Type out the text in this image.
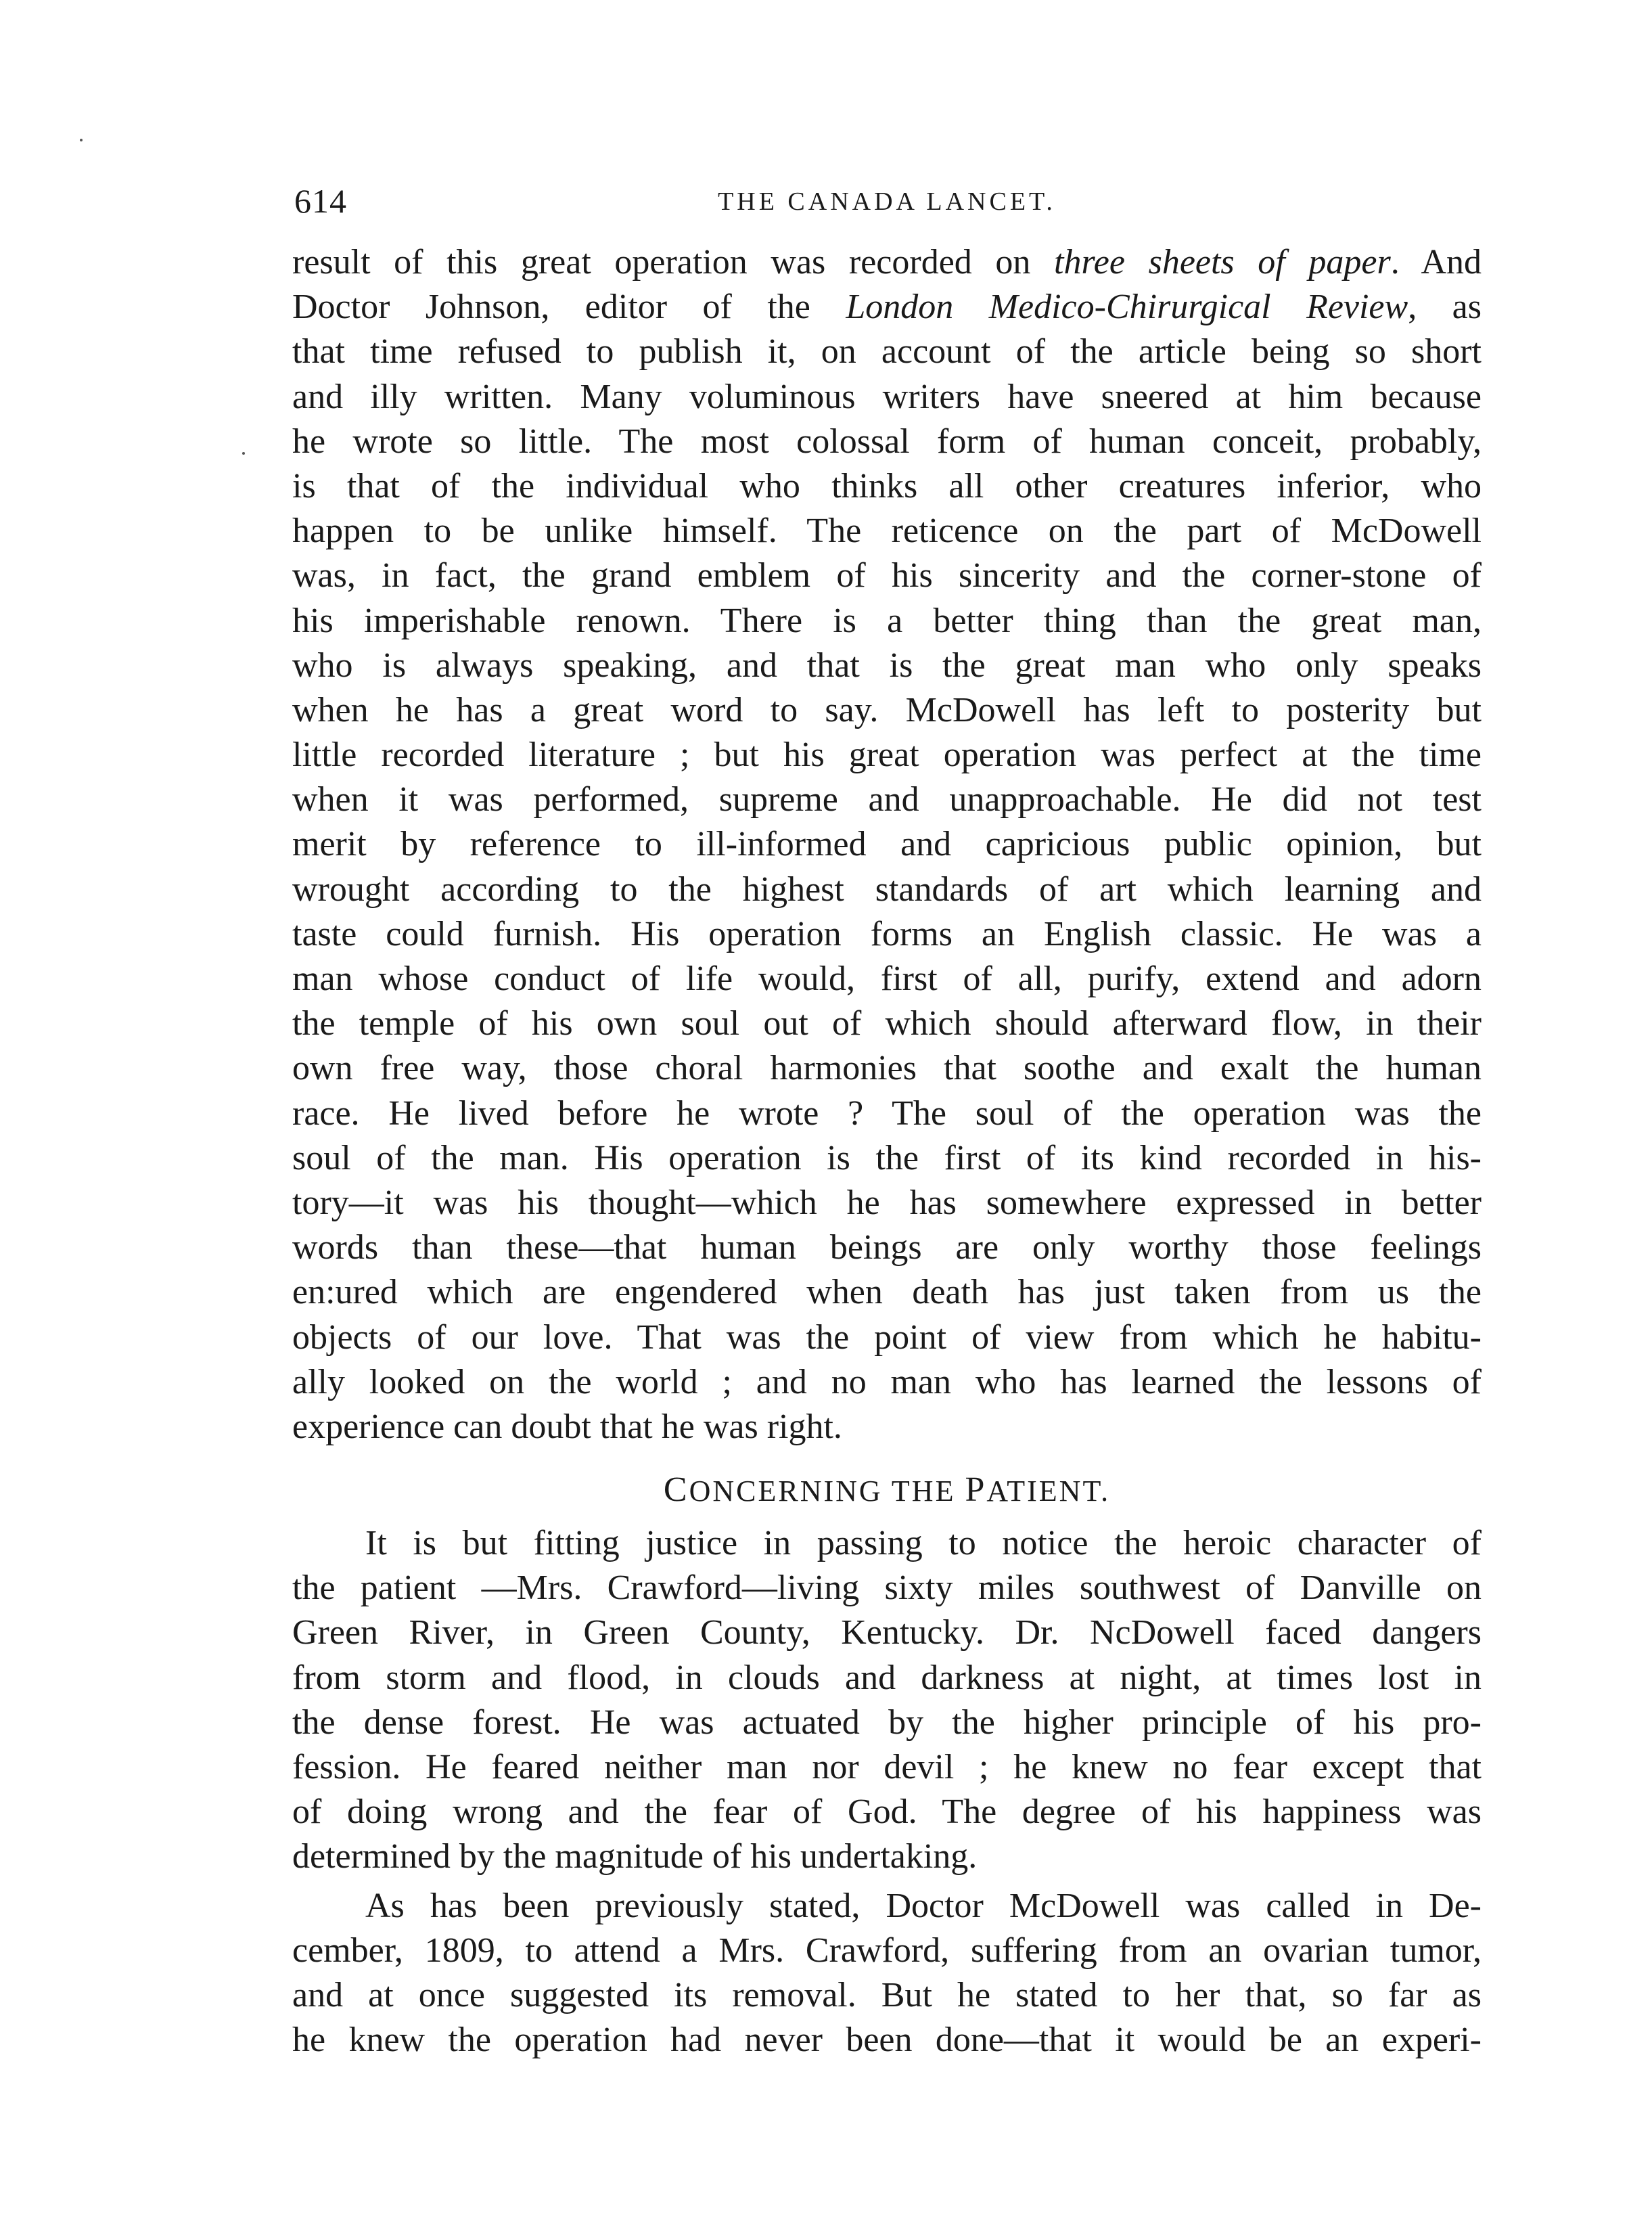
614	THE CANADA LANCET.
result of this great operation was recorded on three sheets of paper. And
Doctor Johnson, editor of the London Medico-Chirurgical Review, as
that time refused to publish it, on account of the article being so short
and illy written. Many voluminous writers have sneered at him because
he wrote so little. The most colossal form of human conceit, probably,
is that of the individual who thinks all other creatures inferior, who
happen to be unlike himself. The reticence on the part of McDowell
was, in fact, the grand emblem of his sincerity and the corner-stone of
his imperishable renown. There is a better thing than the great man,
who is always speaking, and that is the great man who only speaks
when he has a great word to say. McDowell has left to posterity but
little recorded literature ; but his great operation was perfect at the time
when it was performed, supreme and unapproachable. He did not test
merit by reference to ill-informed and capricious public opinion, but
wrought according to the highest standards of art which learning and
taste could furnish. His operation forms an English classic. He was a
man whose conduct of life would, first of all, purify, extend and adorn
the temple of his own soul out of which should afterward flow, in their
own free way, those choral harmonies that soothe and exalt the human
race. He lived before he wrote ? The soul of the operation was the
soul of the man. His operation is the first of its kind recorded in his-
tory—it was his thought—which he has somewhere expressed in better
words than these—that human beings are only worthy those feelings
en:ured which are engendered when death has just taken from us the
objects of our love. That was the point of view from which he habitu-
ally looked on the world ; and no man who has learned the lessons of
experience can doubt that he was right.
CONCERNING THE PATIENT.
It is but fitting justice in passing to notice the heroic character of
the patient —Mrs. Crawford—living sixty miles southwest of Danville on
Green River, in Green County, Kentucky. Dr. NcDowell faced dangers
from storm and flood, in clouds and darkness at night, at times lost in
the dense forest. He was actuated by the higher principle of his pro-
fession. He feared neither man nor devil ; he knew no fear except that
of doing wrong and the fear of God. The degree of his happiness was
determined by the magnitude of his undertaking.
As has been previously stated, Doctor McDowell was called in De-
cember, 1809, to attend a Mrs. Crawford, suffering from an ovarian tumor,
and at once suggested its removal. But he stated to her that, so far as
he knew the operation had never been done—that it would be an experi-
